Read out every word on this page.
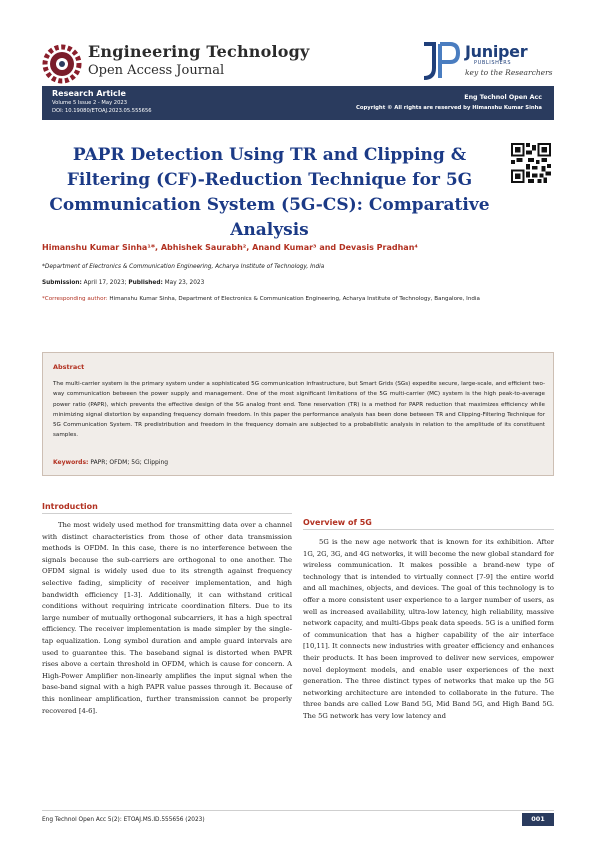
Engineering Technology
Open Access Journal
Juniper
PUBLISHERS
key to the Researchers
Research Article
Volume 5 Issue 2 - May 2023
DOI: 10.19080/ETOAJ.2023.05.555656
Eng Technol Open Acc
Copyright © All rights are reserved by Himanshu Kumar Sinha
PAPR Detection Using TR and Clipping & Filtering (CF)-Reduction Technique for 5G Communication System (5G-CS): Comparative Analysis
Himanshu Kumar Sinha¹*, Abhishek Saurabh², Anand Kumar³ and Devasis Pradhan⁴
*Department of Electronics & Communication Engineering, Acharya Institute of Technology, India
Submission: April 17, 2023; Published: May 23, 2023
*Corresponding author: Himanshu Kumar Sinha, Department of Electronics & Communication Engineering, Acharya Institute of Technology, Bangalore, India
Abstract
The multi-carrier system is the primary system under a sophisticated 5G communication infrastructure, but Smart Grids (SGs) expedite secure, large-scale, and efficient two-way communication between the power supply and management. One of the most significant limitations of the 5G multi-carrier (MC) system is the high peak-to-average power ratio (PAPR), which prevents the effective design of the 5G analog front end. Tone reservation (TR) is a method for PAPR reduction that maximizes efficiency while minimizing signal distortion by expanding frequency domain freedom. In this paper the performance analysis has been done between TR and Clipping-Filtering Technique for 5G Communication System. TR predistribution and freedom in the frequency domain are subjected to a probabilistic analysis in relation to the amplitude of its constituent samples.
Keywords: PAPR; OFDM; 5G; Clipping
Introduction

The most widely used method for transmitting data over a channel with distinct characteristics from those of other data transmission methods is OFDM. In this case, there is no interference between the signals because the sub-carriers are orthogonal to one another. The OFDM signal is widely used due to its strength against frequency selective fading, simplicity of receiver implementation, and high bandwidth efficiency [1-3]. Additionally, it can withstand critical conditions without requiring intricate coordination filters. Due to its large number of mutually orthogonal subcarriers, it has a high spectral efficiency. The receiver implementation is made simpler by the single-tap equalization. Long symbol duration and ample guard intervals are used to guarantee this. The baseband signal is distorted when PAPR rises above a certain threshold in OFDM, which is cause for concern. A High-Power Amplifier non-linearly amplifies the input signal when the base-band signal with a high PAPR value passes through it. Because of this nonlinear amplification, further transmission cannot be properly recovered [4-6].

Overview of 5G

5G is the new age network that is known for its exhibition. After 1G, 2G, 3G, and 4G networks, it will become the new global standard for wireless communication. It makes possible a brand-new type of technology that is intended to virtually connect [7-9] the entire world and all machines, objects, and devices. The goal of this technology is to offer a more consistent user experience to a larger number of users, as well as increased availability, ultra-low latency, high reliability, massive network capacity, and multi-Gbps peak data speeds. 5G is a unified form of communication that has a higher capability of the air interface [10,11]. It connects new industries with greater efficiency and enhances their products. It has been improved to deliver new services, empower novel deployment models, and enable user experiences of the next generation. The three distinct types of networks that make up the 5G networking architecture are intended to collaborate in the future. The three bands are called Low Band 5G, Mid Band 5G, and High Band 5G. The 5G network has very low latency and

Eng Technol Open Acc 5(2): ETOAJ.MS.ID.555656 (2023)	001
